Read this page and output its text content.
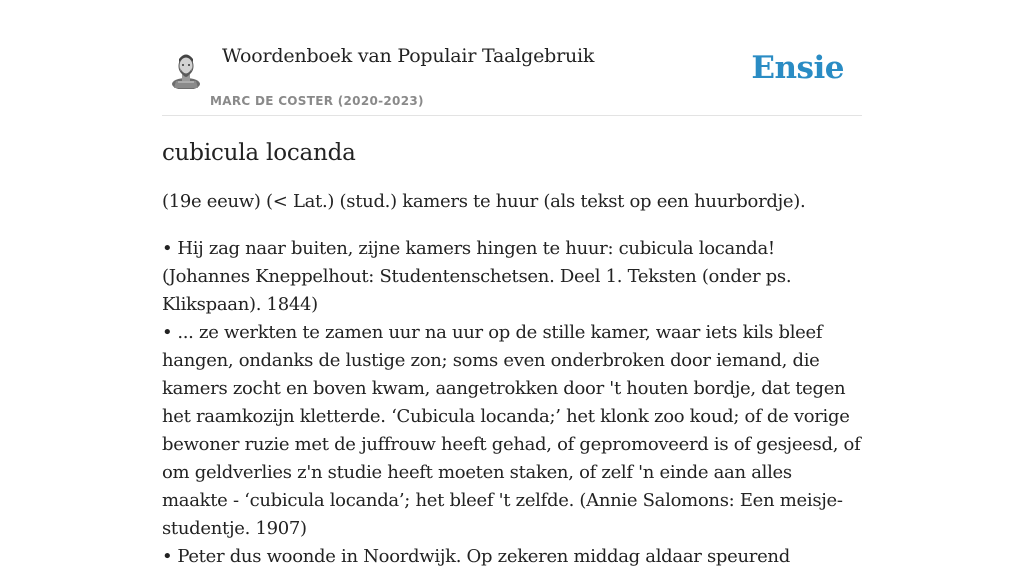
Woordenboek van Populair Taalgebruik
MARC DE COSTER (2020-2023)
Ensie
cubicula locanda

(19e eeuw) (< Lat.) (stud.) kamers te huur (als tekst op een huurbordje).

• Hij zag naar buiten, zijne kamers hingen te huur: cubicula locanda! (Johannes Kneppelhout: Studentenschetsen. Deel 1. Teksten (onder ps. Klikspaan). 1844)

• ... ze werkten te zamen uur na uur op de stille kamer, waar iets kils bleef hangen, ondanks de lustige zon; soms even onderbroken door iemand, die kamers zocht en boven kwam, aangetrokken door 't houten bordje, dat tegen het raamkozijn kletterde. ‘Cubicula locanda;’ het klonk zoo koud; of de vorige bewoner ruzie met de juffrouw heeft gehad, of gepromoveerd is of gesjeesd, of om geldverlies z'n studie heeft moeten staken, of zelf 'n einde aan alles maakte - ‘cubicula locanda’; het bleef 't zelfde. (Annie Salomons: Een meisje-studentje. 1907)

• Peter dus woonde in Noordwijk. Op zekeren middag aldaar speurend
